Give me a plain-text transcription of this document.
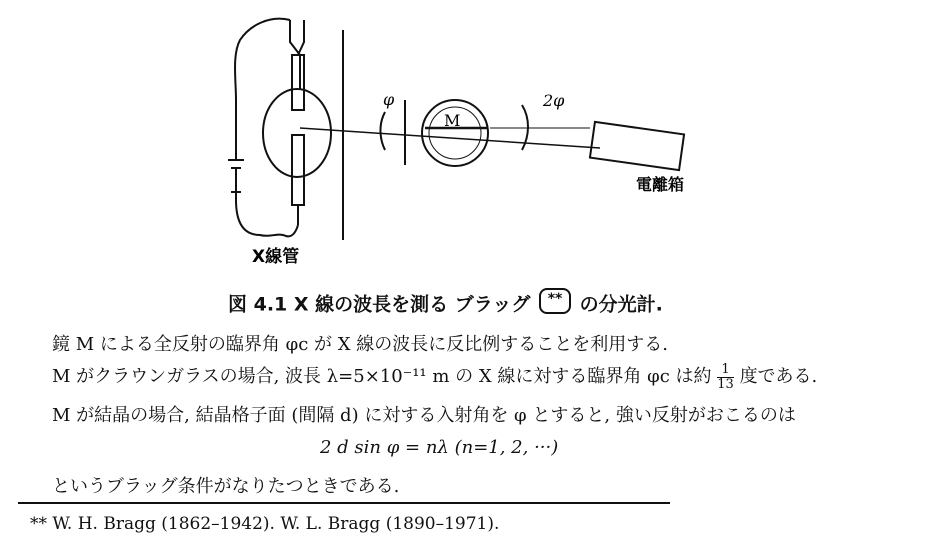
X線管
M
φ	2φ
電離箱
図 4.1 X 線の波長を測る ブラッグ ** の分光計.
鏡 M による全反射の臨界角 φc が X 線の波長に反比例することを利用する.
M がクラウンガラスの場合, 波長 λ=5×10⁻¹¹ m の X 線に対する臨界角 φc は約 $\frac{1}{13}$ 度である.
M が結晶の場合, 結晶格子面 (間隔 d) に対する入射角を φ とすると, 強い反射がおこるのは
2 d sin φ = nλ (n=1, 2, ···)
というブラッグ条件がなりたつときである.
** W. H. Bragg (1862–1942). W. L. Bragg (1890–1971).
